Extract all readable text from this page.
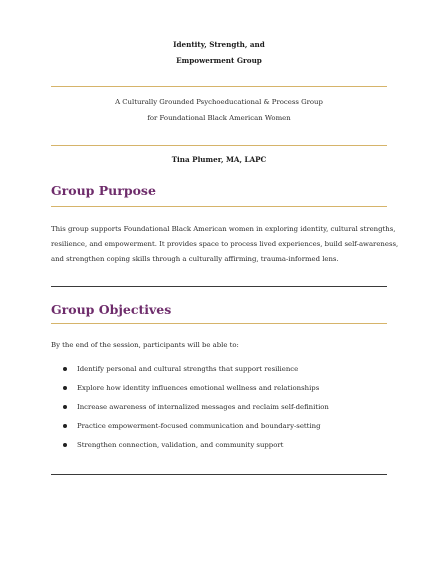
Identity, Strength, and
Empowerment Group
A Culturally Grounded Psychoeducational & Process Group
for Foundational Black American Women
Tina Plumer, MA, LAPC
Group Purpose
This group supports Foundational Black American women in exploring identity, cultural strengths,
resilience, and empowerment. It provides space to process lived experiences, build self-awareness,
and strengthen coping skills through a culturally affirming, trauma-informed lens.
Group Objectives
By the end of the session, participants will be able to:
Identify personal and cultural strengths that support resilience
Explore how identity influences emotional wellness and relationships
Increase awareness of internalized messages and reclaim self-definition
Practice empowerment-focused communication and boundary-setting
Strengthen connection, validation, and community support
